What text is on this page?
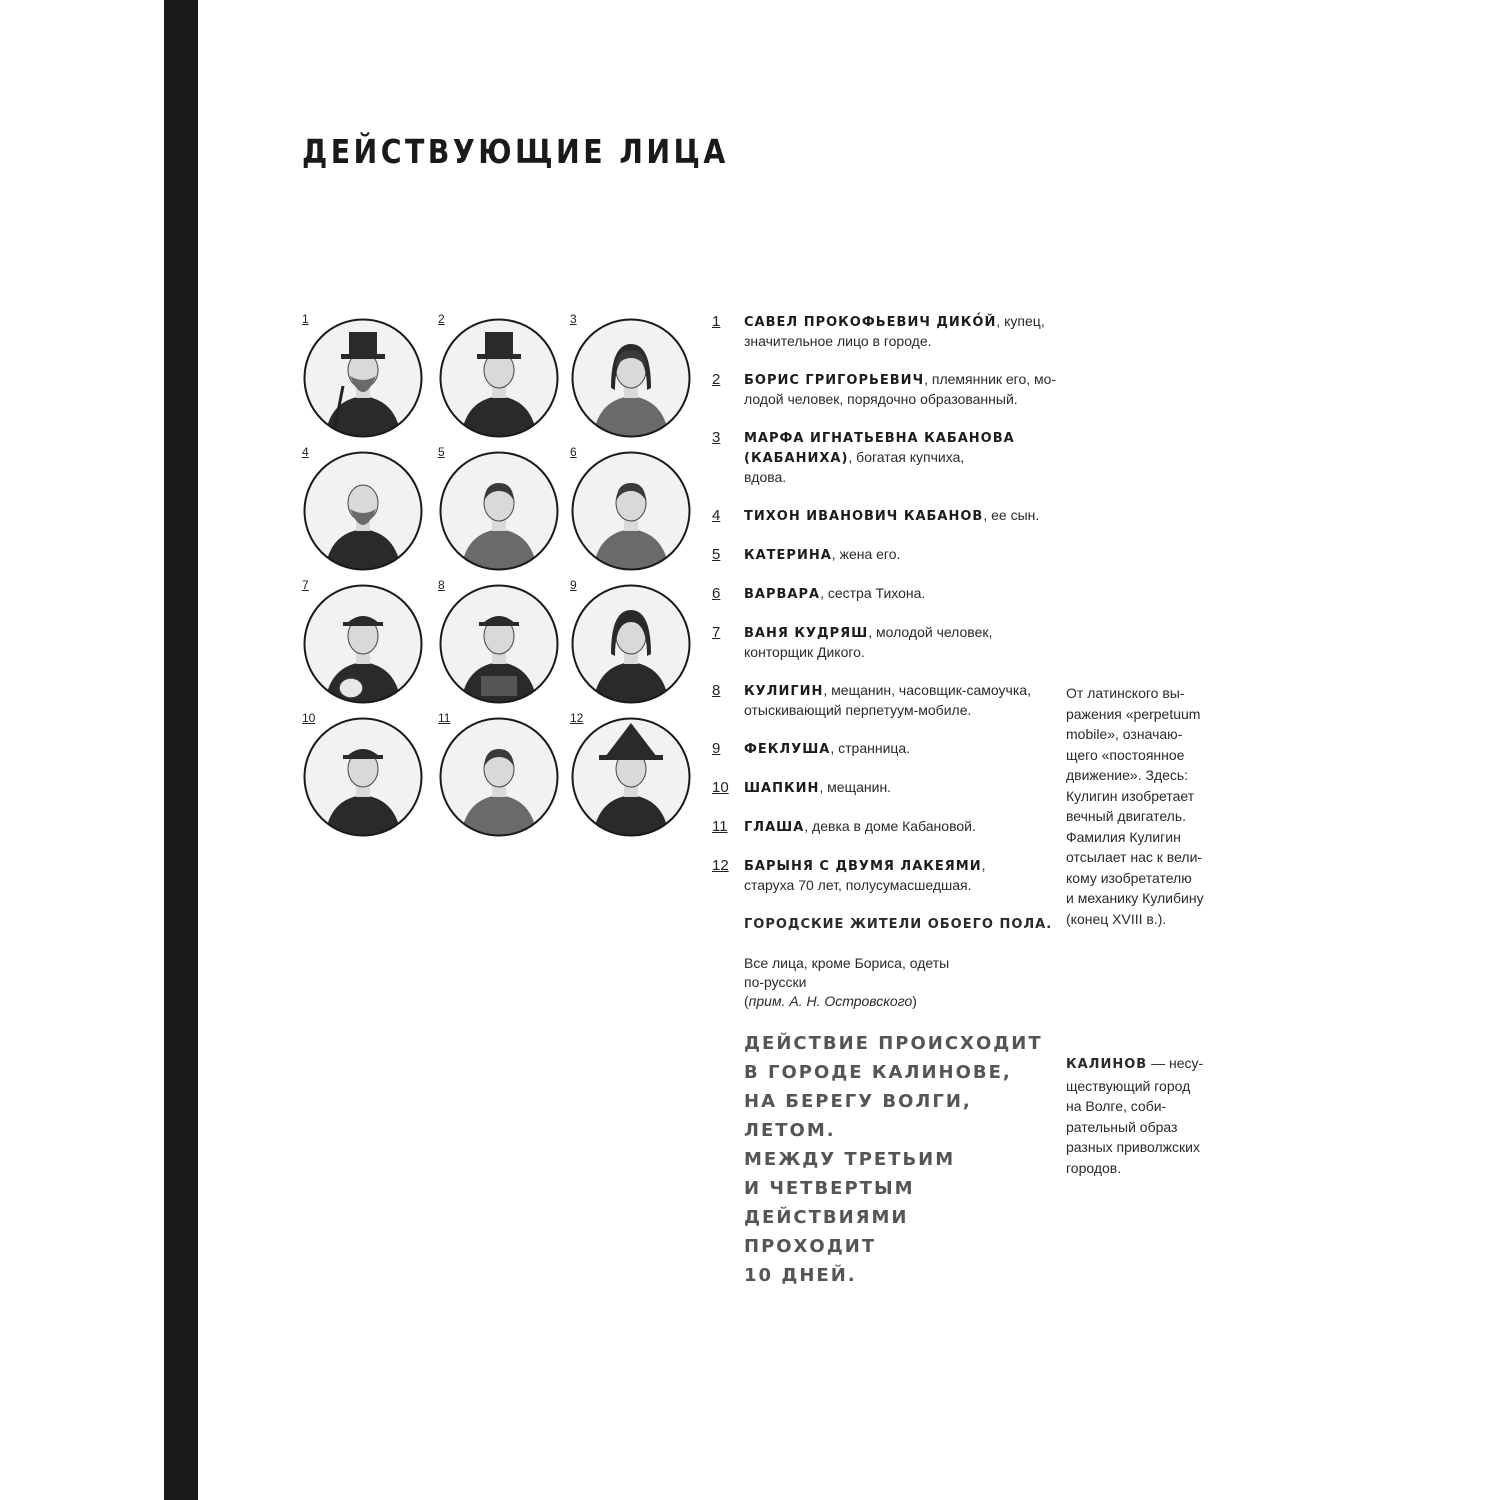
ДЕЙСТВУЮЩИЕ ЛИЦА
1	2	3
4	5	6
7	8	9
10	11	12
1 САВЕЛ ПРОКОФЬЕВИЧ ДИКО́Й, купец,
значительное лицо в городе.
2 БОРИС ГРИГОРЬЕВИЧ, племянник его, мо-
лодой человек, порядочно образованный.
3 МАРФА ИГНАТЬЕВНА КАБАНОВА
(КАБАНИХА), богатая купчиха,
вдова.
4 ТИХОН ИВАНОВИЧ КАБАНОВ, ее сын.
5 КАТЕРИНА, жена его.
6 ВАРВАРА, сестра Тихона.
7 ВАНЯ КУДРЯШ, молодой человек,
конторщик Дикого.
8 КУЛИГИН, мещанин, часовщик-самоучка,
отыскивающий перпетуум-мобиле.
9 ФЕКЛУША, странница.
10 ШАПКИН, мещанин.
11 ГЛАША, девка в доме Кабановой.
12 БАРЫНЯ С ДВУМЯ ЛАКЕЯМИ,
старуха 70 лет, полусумасшедшая.
ГОРОДСКИЕ ЖИТЕЛИ ОБОЕГО ПОЛА.
Все лица, кроме Бориса, одеты
по-русски
(прим. А. Н. Островского)
ДЕЙСТВИЕ ПРОИСХОДИТ
В ГОРОДЕ КАЛИНОВЕ,
НА БЕРЕГУ ВОЛГИ, ЛЕТОМ.
МЕЖДУ ТРЕТЬИМ
И ЧЕТВЕРТЫМ
ДЕЙСТВИЯМИ ПРОХОДИТ
10 ДНЕЙ.
От латинского вы-
ражения «perpetuum
mobile», означаю-
щего «постоянное
движение». Здесь:
Кулигин изобретает
вечный двигатель.
Фамилия Кулигин
отсылает нас к вели-
кому изобретателю
и механику Кулибину
(конец XVIII в.).
КАЛИНОВ — несу-
ществующий город
на Волге, соби-
рательный образ
разных приволжских
городов.
